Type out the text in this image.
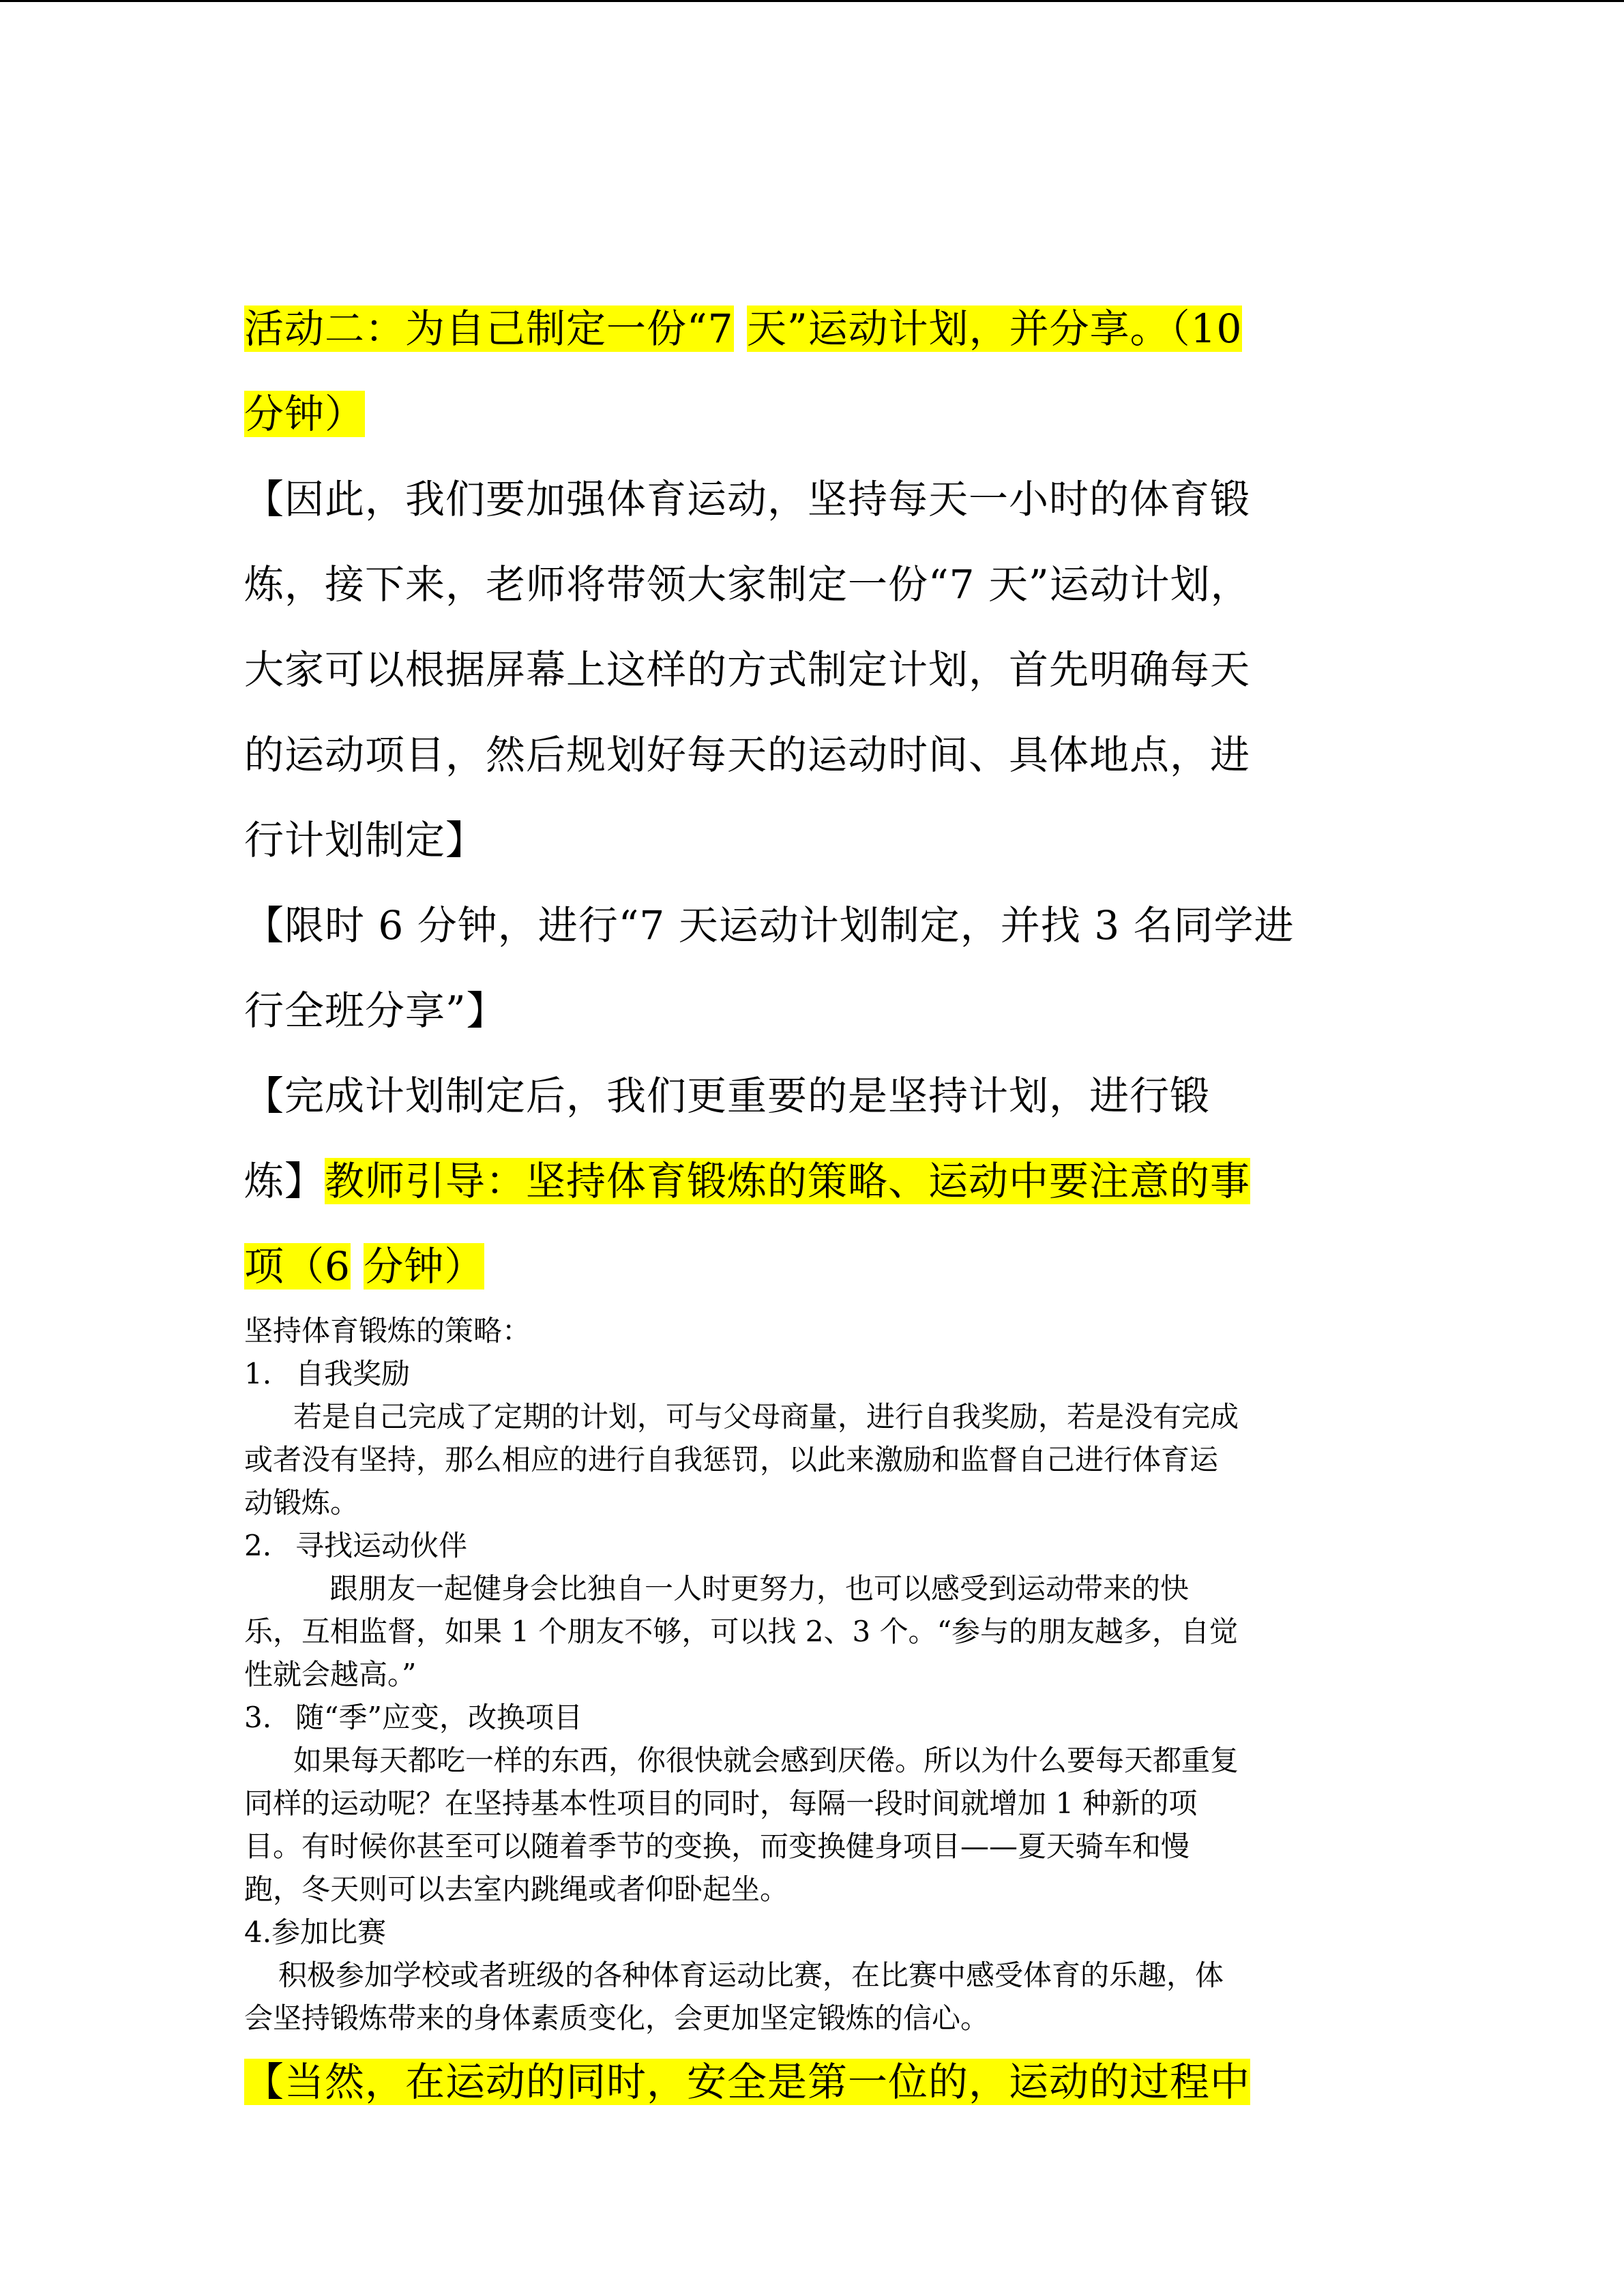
活动二：为自己制定一份“7 天”运动计划，并分享。（10

分钟）

【因此，我们要加强体育运动，坚持每天一小时的体育锻

炼，接下来，老师将带领大家制定一份“7 天”运动计划，

大家可以根据屏幕上这样的方式制定计划，首先明确每天

的运动项目，然后规划好每天的运动时间、具体地点，进

行计划制定】

【限时 6 分钟，进行“7 天运动计划制定，并找 3 名同学进

行全班分享”】

【完成计划制定后，我们更重要的是坚持计划，进行锻

炼】教师引导：坚持体育锻炼的策略、运动中要注意的事

项（6 分钟）

坚持体育锻炼的策略：

1. 自我奖励

若是自己完成了定期的计划，可与父母商量，进行自我奖励，若是没有完成

或者没有坚持，那么相应的进行自我惩罚，以此来激励和监督自己进行体育运

动锻炼。

2. 寻找运动伙伴

跟朋友一起健身会比独自一人时更努力，也可以感受到运动带来的快

乐，互相监督，如果 1 个朋友不够，可以找 2、3 个。“参与的朋友越多，自觉

性就会越高。”

3. 随“季”应变，改换项目

如果每天都吃一样的东西，你很快就会感到厌倦。所以为什么要每天都重复

同样的运动呢？在坚持基本性项目的同时，每隔一段时间就增加 1 种新的项

目。有时候你甚至可以随着季节的变换，而变换健身项目——夏天骑车和慢

跑，冬天则可以去室内跳绳或者仰卧起坐。

4.参加比赛

积极参加学校或者班级的各种体育运动比赛，在比赛中感受体育的乐趣，体

会坚持锻炼带来的身体素质变化，会更加坚定锻炼的信心。

【当然，在运动的同时，安全是第一位的，运动的过程中
